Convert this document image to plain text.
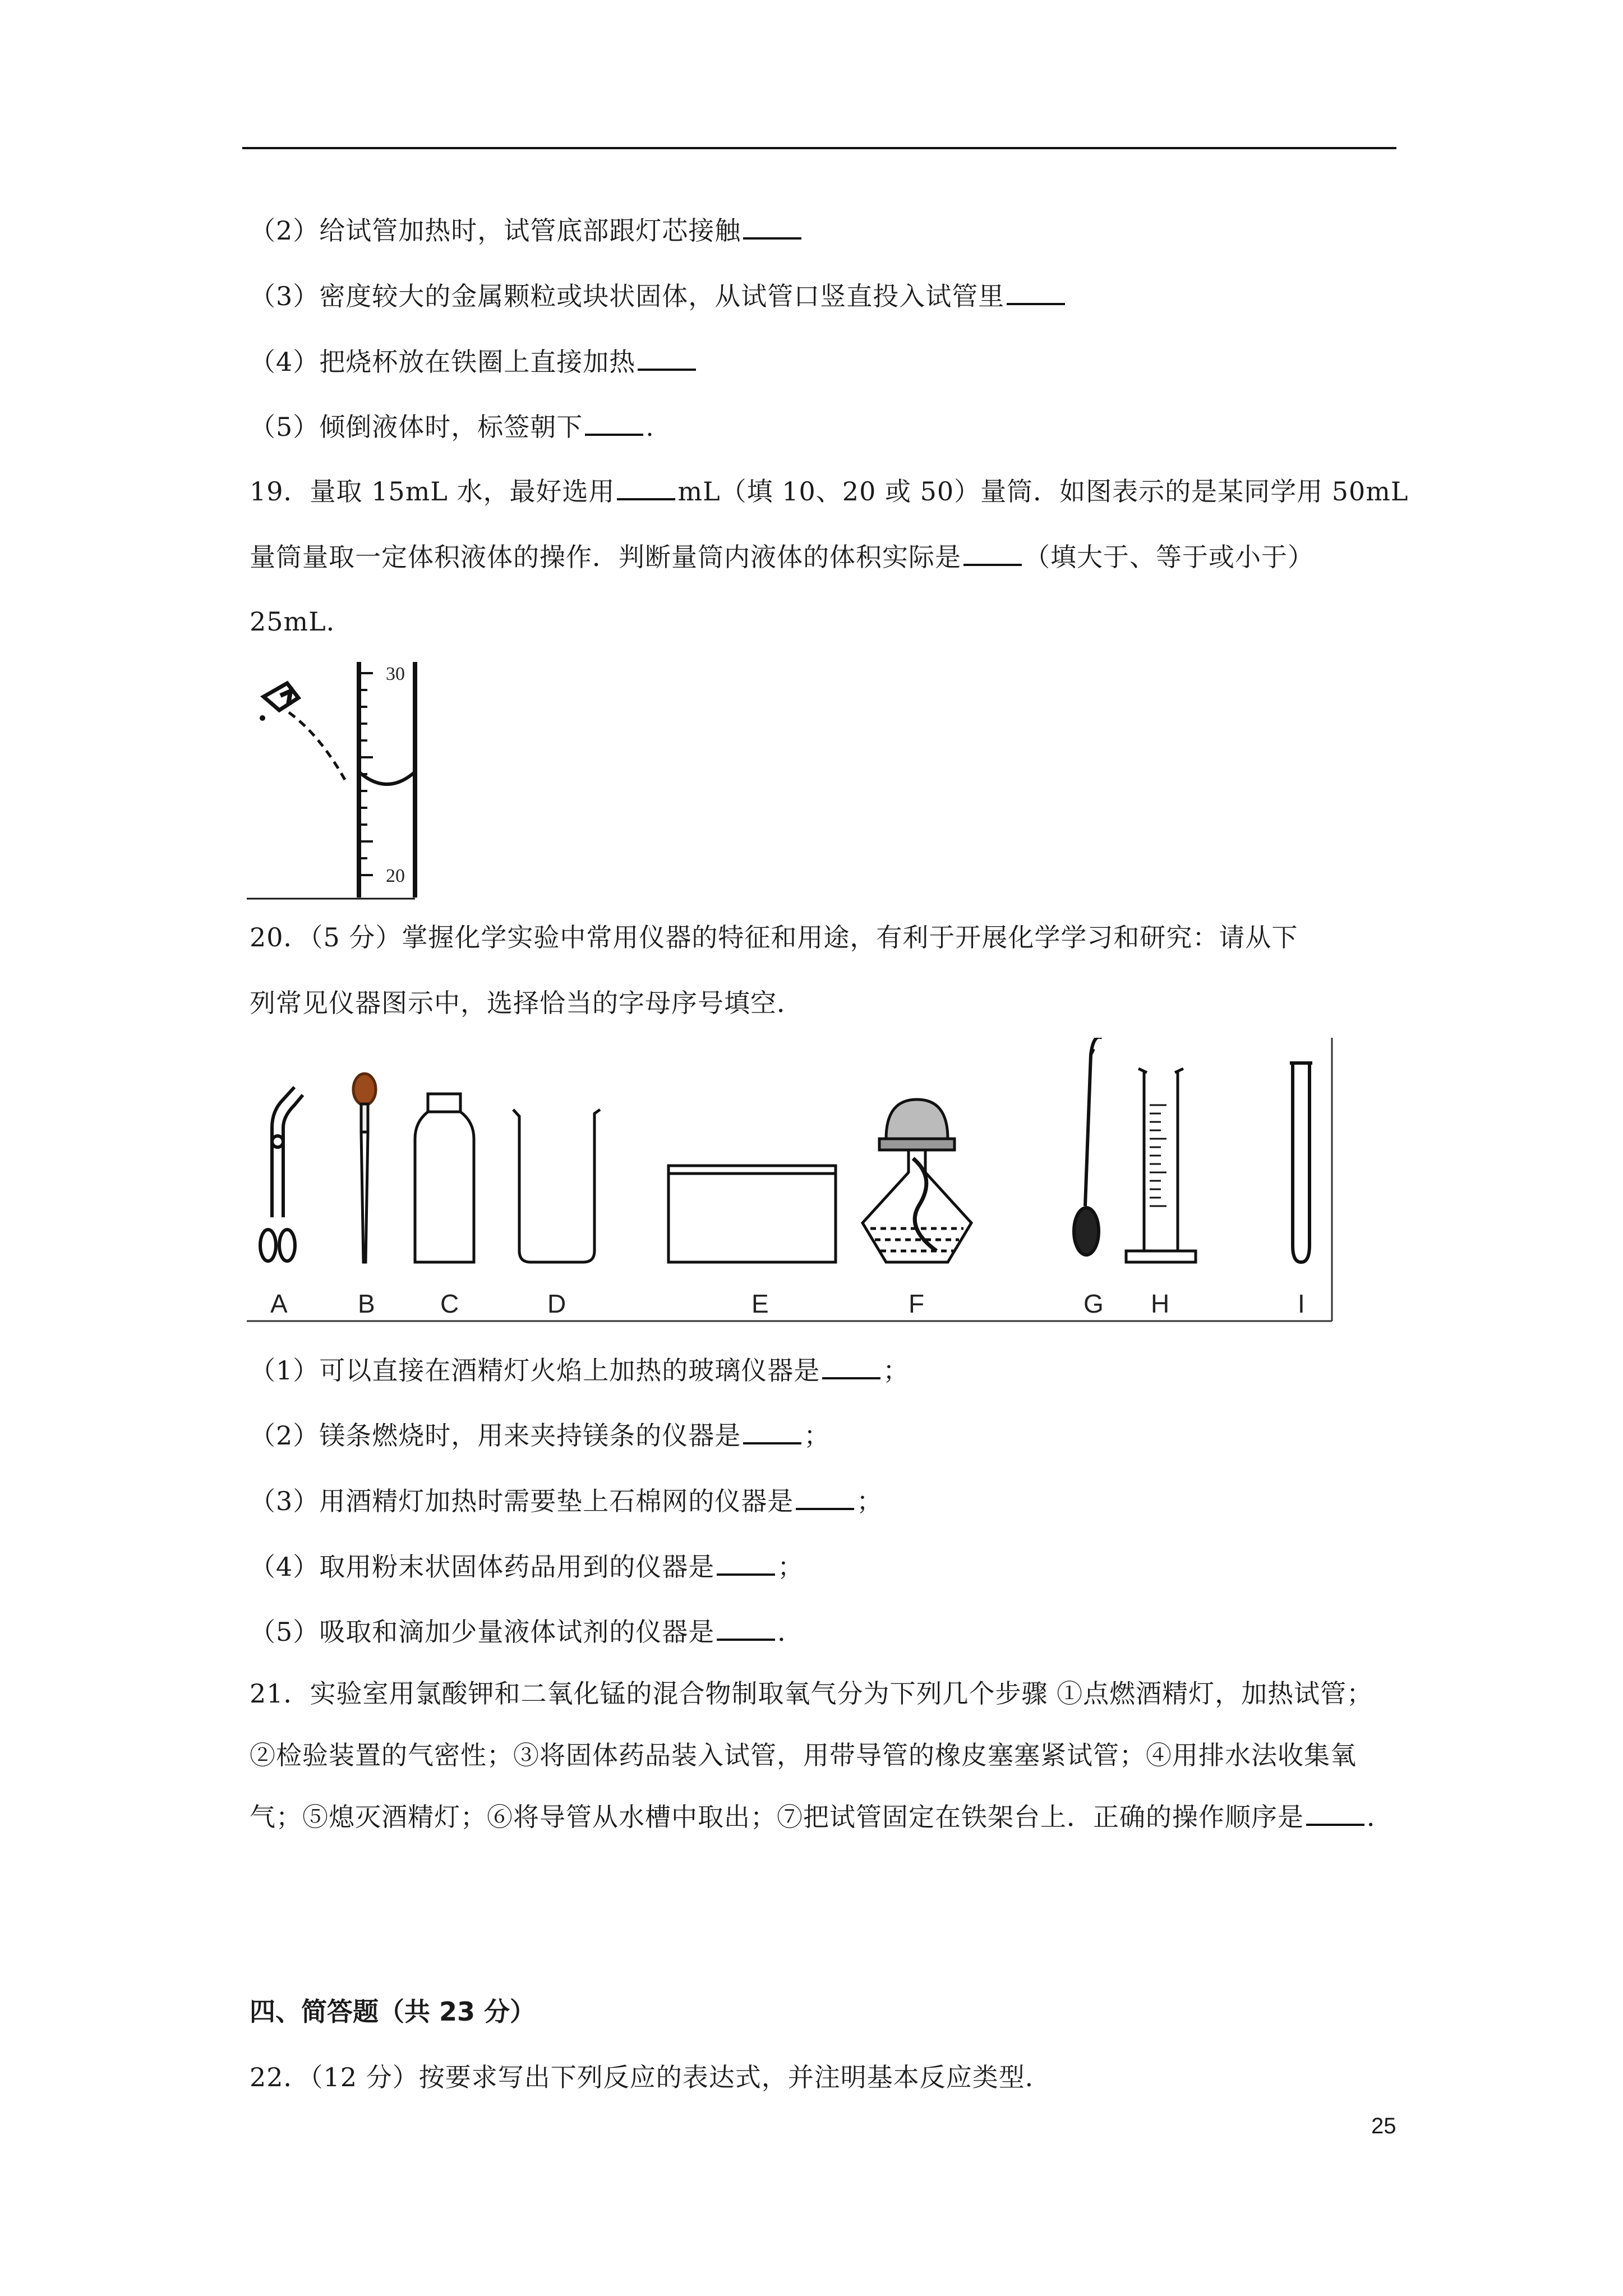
（2）给试管加热时，试管底部跟灯芯接触
（3）密度较大的金属颗粒或块状固体，从试管口竖直投入试管里
（4）把烧杯放在铁圈上直接加热
（5）倾倒液体时，标签朝下 .
19．量取 15mL 水，最好选用 mL（填 10、20 或 50）量筒．如图表示的是某同学用 50mL
量筒量取一定体积液体的操作．判断量筒内液体的体积实际是 （填大于、等于或小于）
25mL．
30
20
20．（5 分）掌握化学实验中常用仪器的特征和用途，有利于开展化学学习和研究：请从下
列常见仪器图示中，选择恰当的字母序号填空．
A	B	C	D	E	F	G H	I
（1）可以直接在酒精灯火焰上加热的玻璃仪器是 ；
（2）镁条燃烧时，用来夹持镁条的仪器是 ；
（3）用酒精灯加热时需要垫上石棉网的仪器是 ；
（4）取用粉末状固体药品用到的仪器是 ；
（5）吸取和滴加少量液体试剂的仪器是 ．
21．实验室用氯酸钾和二氧化锰的混合物制取氧气分为下列几个步骤 ①点燃酒精灯，加热试管；②检验装置的气密性；③将固体药品装入试管，用带导管的橡皮塞塞紧试管；④用排水法收集氧气；⑤熄灭酒精灯；⑥将导管从水槽中取出；⑦把试管固定在铁架台上．正确的操作顺序是 ．
四、简答题（共 23 分）
22．（12 分）按要求写出下列反应的表达式，并注明基本反应类型．
25
